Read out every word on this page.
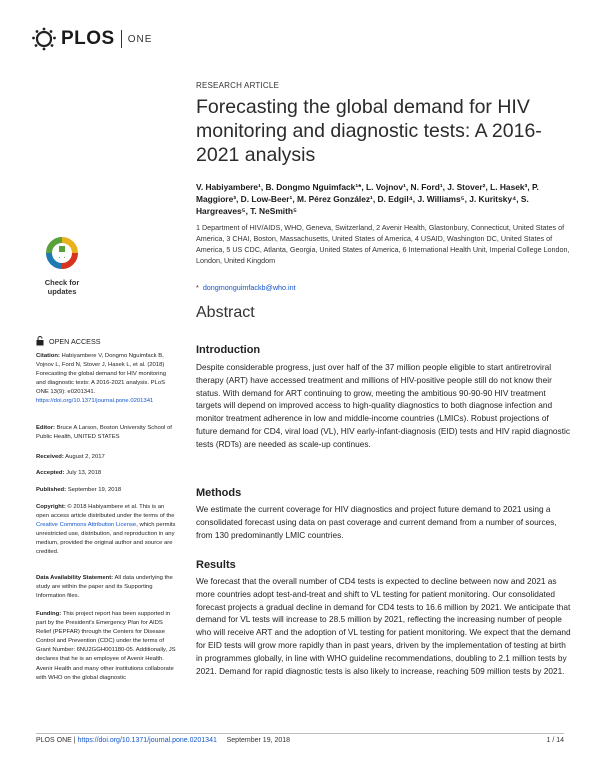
PLOS ONE
RESEARCH ARTICLE
Forecasting the global demand for HIV monitoring and diagnostic tests: A 2016-2021 analysis
V. Habiyambere¹, B. Dongmo Nguimfack¹*, L. Vojnov¹, N. Ford¹, J. Stover², L. Hasek³, P. Maggiore³, D. Low-Beer¹, M. Pérez González¹, D. Edgil⁴, J. Williams⁵, J. Kuritsky⁴, S. Hargreaves⁵, T. NeSmith⁵
1 Department of HIV/AIDS, WHO, Geneva, Switzerland, 2 Avenir Health, Glastonbury, Connecticut, United States of America, 3 CHAI, Boston, Massachusetts, United States of America, 4 USAID, Washington DC, United States of America, 5 US CDC, Atlanta, Georgia, United States of America, 6 International Health Unit, Imperial College London, London, United Kingdom
* dongmonguimfackb@who.int
Check for
updates
OPEN ACCESS
Citation: Habiyambere V, Dongmo Nguimfack B, Vojnov L, Ford N, Stover J, Hasek L, et al. (2018) Forecasting the global demand for HIV monitoring and diagnostic tests: A 2016-2021 analysis. PLoS ONE 13(9): e0201341. https://doi.org/10.1371/journal.pone.0201341
Editor: Bruce A Larson, Boston University School of Public Health, UNITED STATES
Received: August 2, 2017
Accepted: July 13, 2018
Published: September 19, 2018
Copyright: © 2018 Habiyambere et al. This is an open access article distributed under the terms of the Creative Commons Attribution License, which permits unrestricted use, distribution, and reproduction in any medium, provided the original author and source are credited.
Data Availability Statement: All data underlying the study are within the paper and its Supporting Information files.
Funding: This project report has been supported in part by the President's Emergency Plan for AIDS Relief (PEPFAR) through the Centers for Disease Control and Prevention (CDC) under the terms of Grant Number: 6NU2GGH001180-05. Additionally, JS declares that he is an employee of Avenir Health. Avenir Health and many other institutions collaborate with WHO on the global diagnostic
Abstract
Introduction
Despite considerable progress, just over half of the 37 million people eligible to start antiretroviral therapy (ART) have accessed treatment and millions of HIV-positive people still do not know their status. With demand for ART continuing to grow, meeting the ambitious 90-90-90 HIV treatment targets will depend on improved access to high-quality diagnostics to both diagnose infection and monitor treatment adherence in low and middle-income countries (LMICs). Robust projections of future demand for CD4, viral load (VL), HIV early-infant-diagnosis (EID) tests and HIV rapid diagnostic tests (RDTs) are needed as scale-up continues.
Methods
We estimate the current coverage for HIV diagnostics and project future demand to 2021 using a consolidated forecast using data on past coverage and current demand from a number of sources, from 130 predominantly LMIC countries.
Results
We forecast that the overall number of CD4 tests is expected to decline between now and 2021 as more countries adopt test-and-treat and shift to VL testing for patient monitoring. Our consolidated forecast projects a gradual decline in demand for CD4 tests to 16.6 million by 2021. We anticipate that demand for VL tests will increase to 28.5 million by 2021, reflecting the increasing number of people who will receive ART and the adoption of VL testing for patient monitoring. We expect that the demand for EID tests will grow more rapidly than in past years, driven by the implementation of testing at birth in programmes globally, in line with WHO guideline recommendations, doubling to 2.1 million tests by 2021. Demand for rapid diagnostic tests is also likely to increase, reaching 509 million tests by 2021.
PLOS ONE | https://doi.org/10.1371/journal.pone.0201341 September 19, 2018	1 / 14
